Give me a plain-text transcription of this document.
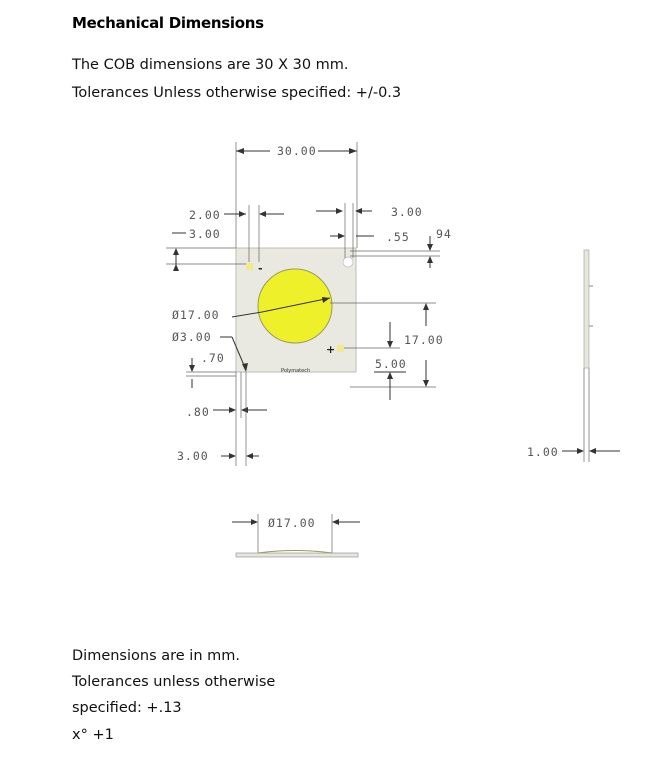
Mechanical Dimensions
The COB dimensions are 30 X 30 mm.
Tolerances Unless otherwise specified: +/-0.3
-
+
Polymatech
30.00
2.00
3.00
3.00
.55 94
Ø17.00
Ø3.00
.70
17.00
5.00
.80
3.00	1.00
Ø17.00
Dimensions are in mm.
Tolerances unless otherwise
specified: +.13
x° +1
